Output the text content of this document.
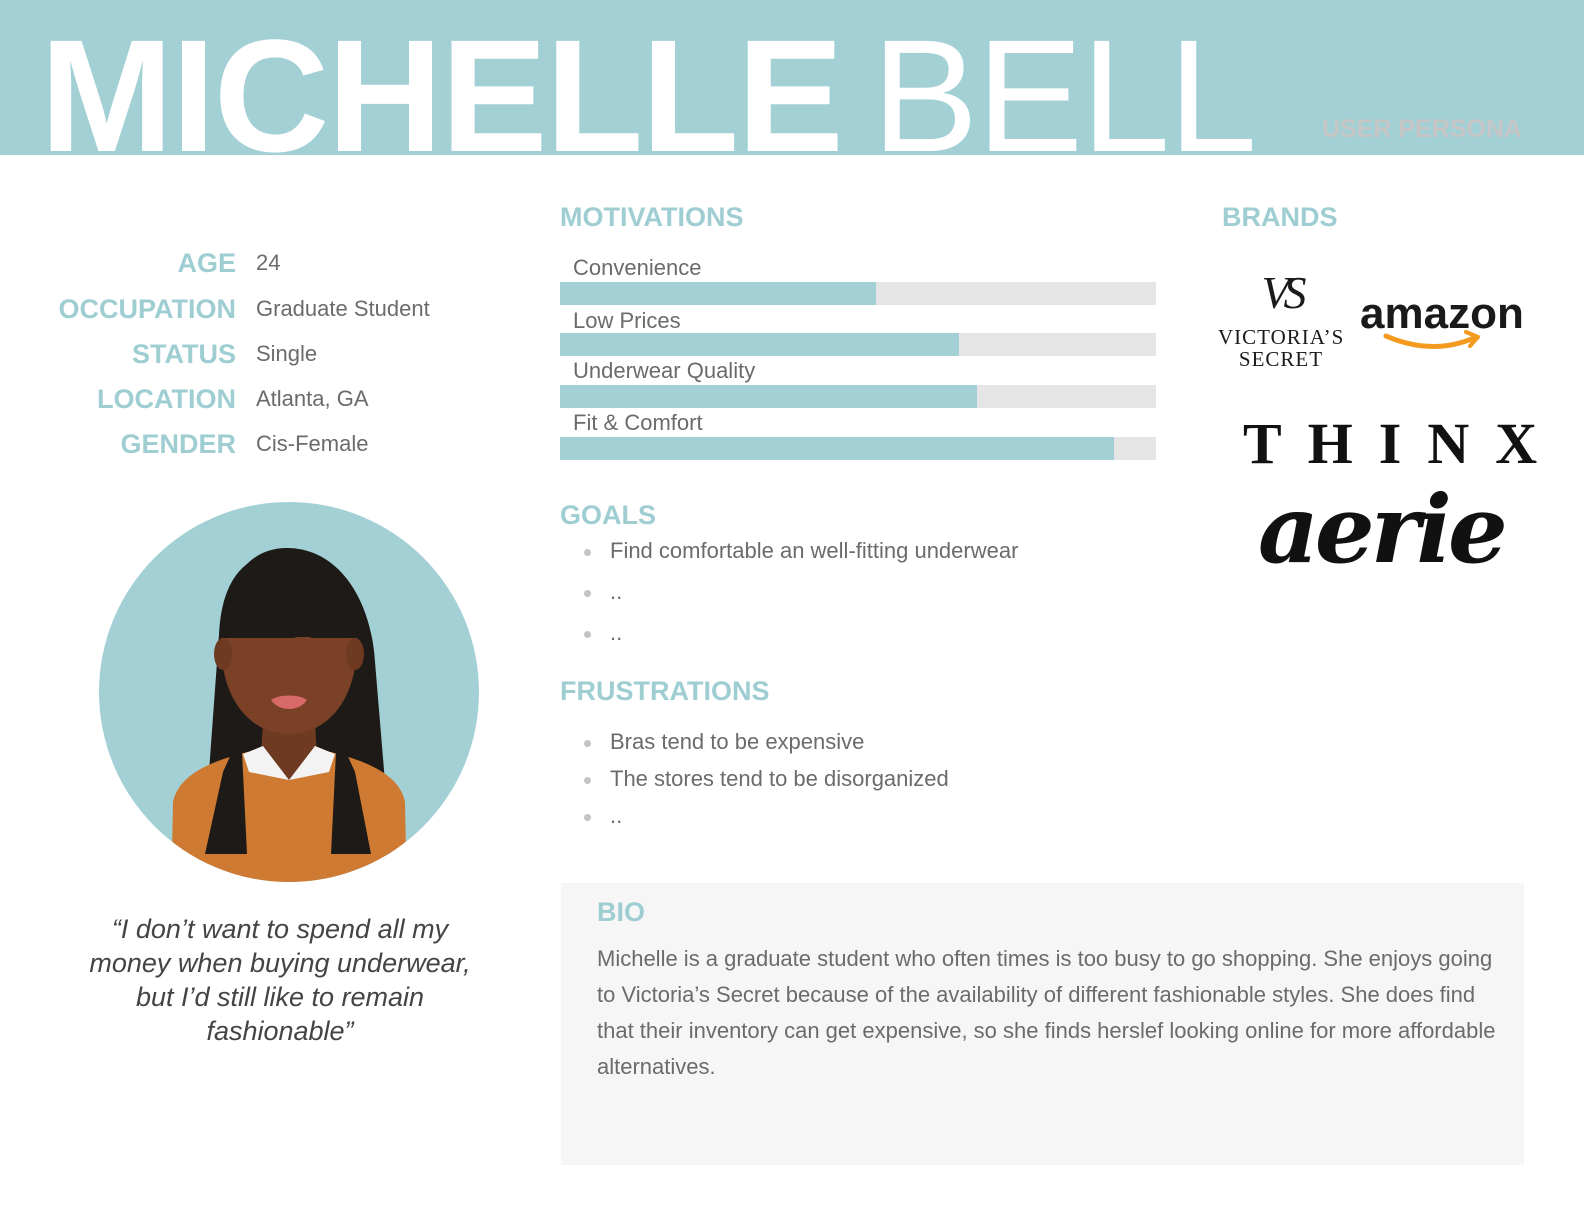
MICHELLE BELL	USER PERSONA
AGE 24
OCCUPATION Graduate Student
STATUS Single
LOCATION Atlanta, GA
GENDER Cis-Female
“I don’t want to spend all my money when buying underwear, but I’d still like to remain fashionable”
MOTIVATIONS
Convenience
Low Prices
Underwear Quality
Fit & Comfort
GOALS
Find comfortable an well-fitting underwear
..
..
FRUSTRATIONS
Bras tend to be expensive
The stores tend to be disorganized
..
BRANDS
VS
VICTORIA’S
SECRET
amazon
THINX
aerie
BIO
Michelle is a graduate student who often times is too busy to go shopping. She enjoys going to Victoria’s Secret because of the availability of different fashionable styles. She does find that their inventory can get expensive, so she finds herslef looking online for more affordable alternatives.
